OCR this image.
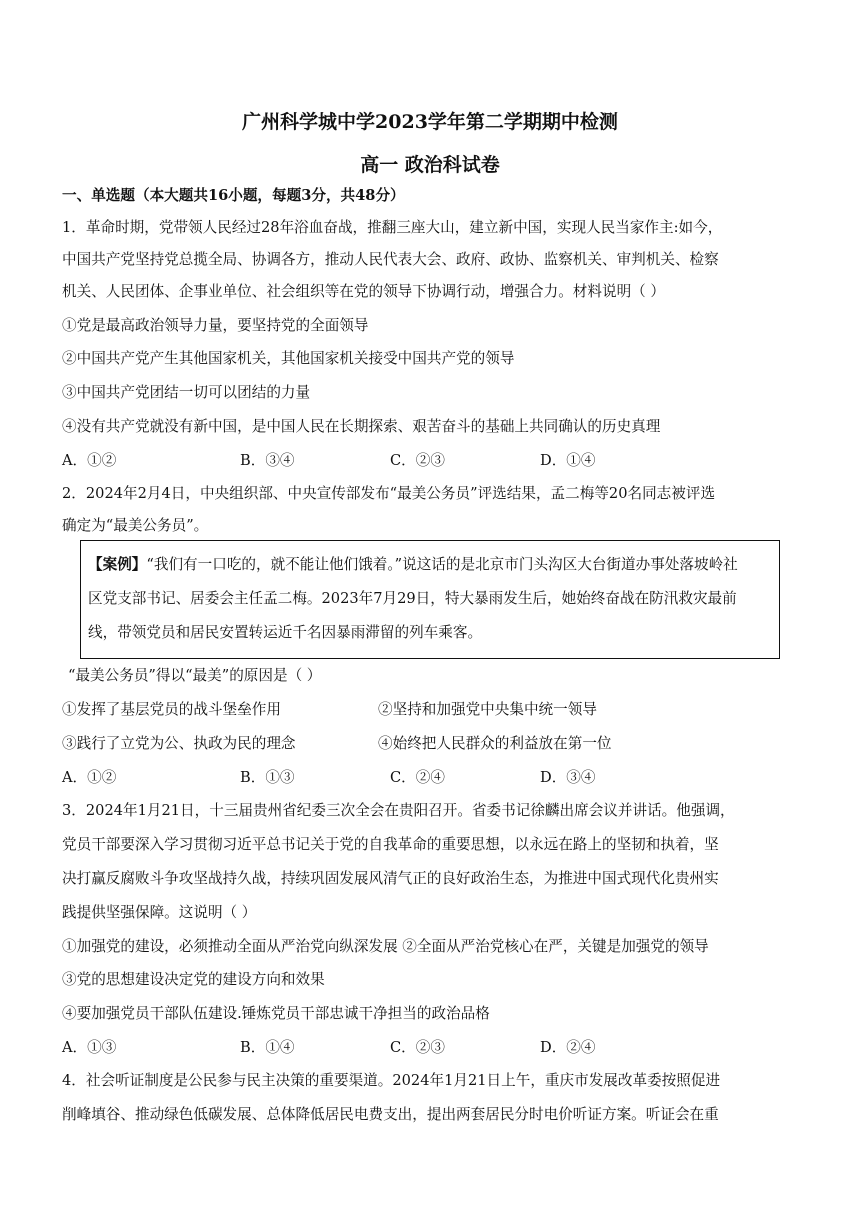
广州科学城中学2023学年第二学期期中检测
高一 政治科试卷
一、单选题（本大题共16小题，每题3分，共48分）
1．革命时期，党带领人民经过28年浴血奋战，推翻三座大山，建立新中国，实现人民当家作主:如今，
中国共产党坚持党总揽全局、协调各方，推动人民代表大会、政府、政协、监察机关、审判机关、检察
机关、人民团体、企事业单位、社会组织等在党的领导下协调行动，增强合力。材料说明（ ）
①党是最高政治领导力量，要坚持党的全面领导
②中国共产党产生其他国家机关，其他国家机关接受中国共产党的领导
③中国共产党团结一切可以团结的力量
④没有共产党就没有新中国，是中国人民在长期探索、艰苦奋斗的基础上共同确认的历史真理
A．①②	B．③④	C．②③	D．①④
2．2024年2月4日，中央组织部、中央宣传部发布“最美公务员”评选结果，孟二梅等20名同志被评选
确定为“最美公务员”。
【案例】“我们有一口吃的，就不能让他们饿着。”说这话的是北京市门头沟区大台街道办事处落坡岭社
区党支部书记、居委会主任孟二梅。2023年7月29日，特大暴雨发生后，她始终奋战在防汛救灾最前
线，带领党员和居民安置转运近千名因暴雨滞留的列车乘客。
“最美公务员”得以“最美”的原因是（ ）
①发挥了基层党员的战斗堡垒作用	②坚持和加强党中央集中统一领导
③践行了立党为公、执政为民的理念	④始终把人民群众的利益放在第一位
A．①②	B．①③	C．②④	D．③④
3．2024年1月21日，十三届贵州省纪委三次全会在贵阳召开。省委书记徐麟出席会议并讲话。他强调，
党员干部要深入学习贯彻习近平总书记关于党的自我革命的重要思想，以永远在路上的坚韧和执着，坚
决打赢反腐败斗争攻坚战持久战，持续巩固发展风清气正的良好政治生态，为推进中国式现代化贵州实
践提供坚强保障。这说明（ ）
①加强党的建设，必须推动全面从严治党向纵深发展 ②全面从严治党核心在严，关键是加强党的领导
③党的思想建设决定党的建设方向和效果
④要加强党员干部队伍建设.锤炼党员干部忠诚干净担当的政治品格
A．①③	B．①④	C．②③	D．②④
4．社会听证制度是公民参与民主决策的重要渠道。2024年1月21日上午，重庆市发展改革委按照促进
削峰填谷、推动绿色低碳发展、总体降低居民电费支出，提出两套居民分时电价听证方案。听证会在重
